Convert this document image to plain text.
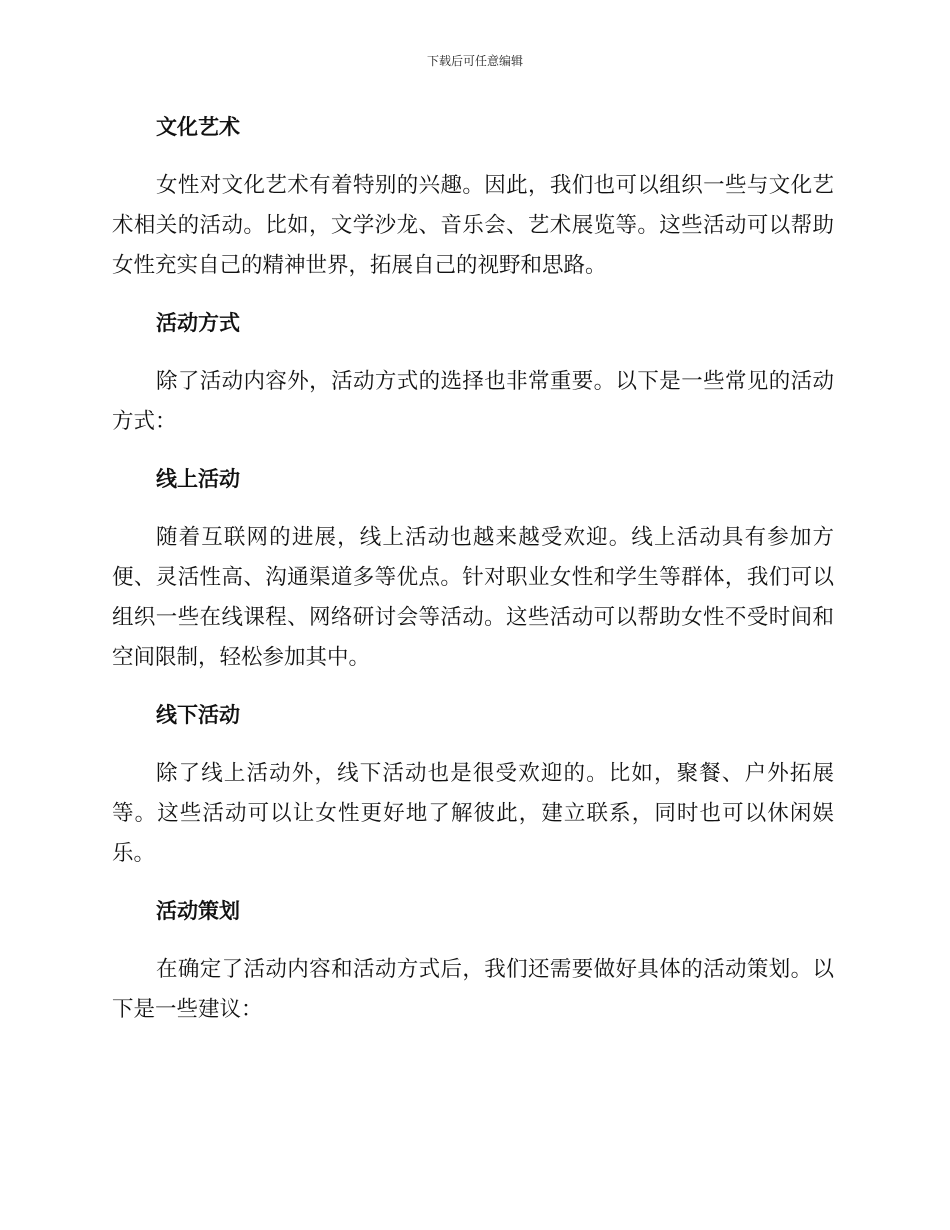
下载后可任意编辑
文化艺术

女性对文化艺术有着特别的兴趣。因此，我们也可以组织一些与文化艺术相关的活动。比如，文学沙龙、音乐会、艺术展览等。这些活动可以帮助女性充实自己的精神世界，拓展自己的视野和思路。

活动方式

除了活动内容外，活动方式的选择也非常重要。以下是一些常见的活动方式：

线上活动

随着互联网的进展，线上活动也越来越受欢迎。线上活动具有参加方便、灵活性高、沟通渠道多等优点。针对职业女性和学生等群体，我们可以组织一些在线课程、网络研讨会等活动。这些活动可以帮助女性不受时间和空间限制，轻松参加其中。

线下活动

除了线上活动外，线下活动也是很受欢迎的。比如，聚餐、户外拓展等。这些活动可以让女性更好地了解彼此，建立联系，同时也可以休闲娱乐。

活动策划

在确定了活动内容和活动方式后，我们还需要做好具体的活动策划。以下是一些建议：
